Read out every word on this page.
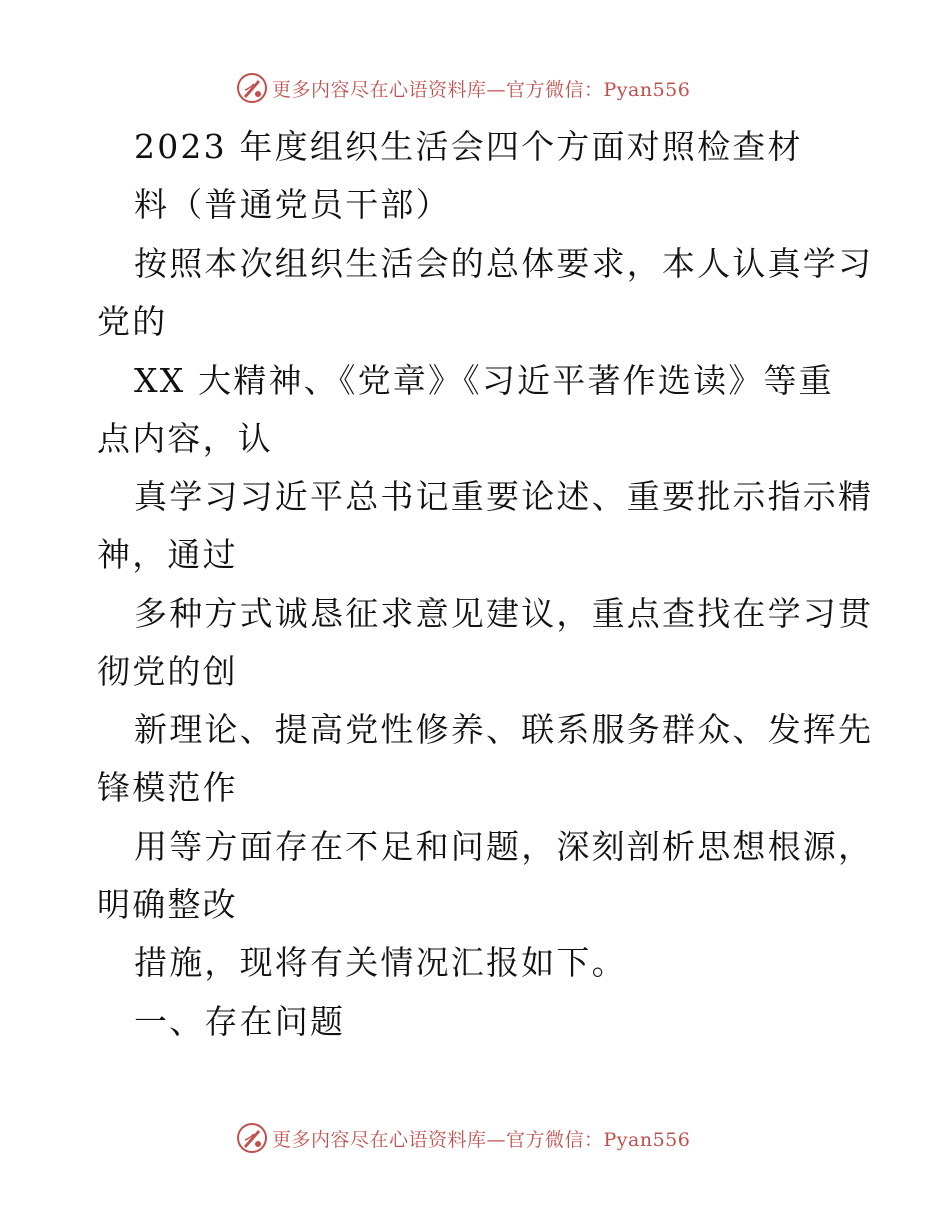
更多内容尽在心语资料库—官方微信：Pyan556
2023 年度组织生活会四个方面对照检查材
料（普通党员干部）
按照本次组织生活会的总体要求，本人认真学习
党的
XX 大精神、《党章》《习近平著作选读》等重
点内容，认
真学习习近平总书记重要论述、重要批示指示精
神，通过
多种方式诚恳征求意见建议，重点查找在学习贯
彻党的创
新理论、提高党性修养、联系服务群众、发挥先
锋模范作
用等方面存在不足和问题，深刻剖析思想根源，
明确整改
措施，现将有关情况汇报如下。
一、存在问题
更多内容尽在心语资料库—官方微信：Pyan556
